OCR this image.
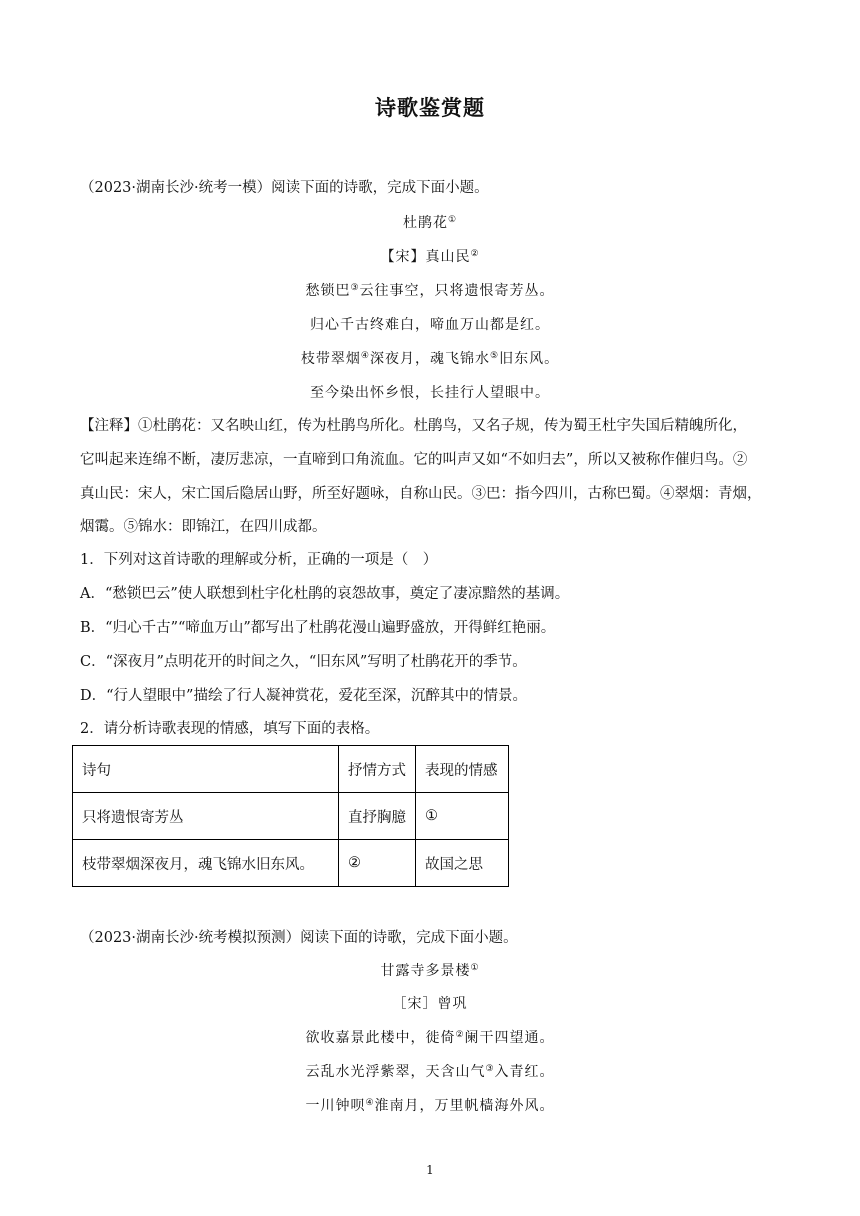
诗歌鉴赏题
（2023·湖南长沙·统考一模）阅读下面的诗歌，完成下面小题。
杜鹃花①
【宋】真山民②
愁锁巴③云往事空，只将遗恨寄芳丛。
归心千古终难白，啼血万山都是红。
枝带翠烟④深夜月，魂飞锦水⑤旧东风。
至今染出怀乡恨，长挂行人望眼中。
【注释】①杜鹃花：又名映山红，传为杜鹃鸟所化。杜鹃鸟，又名子规，传为蜀王杜宇失国后精魄所化，
它叫起来连绵不断，凄厉悲凉，一直啼到口角流血。它的叫声又如“不如归去”，所以又被称作催归鸟。②
真山民：宋人，宋亡国后隐居山野，所至好题咏，自称山民。③巴：指今四川，古称巴蜀。④翠烟：青烟，
烟霭。⑤锦水：即锦江，在四川成都。
1．下列对这首诗歌的理解或分析，正确的一项是（　）
A．“愁锁巴云”使人联想到杜宇化杜鹃的哀怨故事，奠定了凄凉黯然的基调。
B．“归心千古”“啼血万山”都写出了杜鹃花漫山遍野盛放，开得鲜红艳丽。
C．“深夜月”点明花开的时间之久，“旧东风”写明了杜鹃花开的季节。
D．“行人望眼中”描绘了行人凝神赏花，爱花至深，沉醉其中的情景。
2．请分析诗歌表现的情感，填写下面的表格。
诗句	抒情方式	表现的情感
只将遗恨寄芳丛	直抒胸臆	①
枝带翠烟深夜月，魂飞锦水旧东风。	②	故国之思
（2023·湖南长沙·统考模拟预测）阅读下面的诗歌，完成下面小题。
甘露寺多景楼①
［宋］曾巩
欲收嘉景此楼中，徙倚②阑干四望通。
云乱水光浮紫翠，天含山气③入青红。
一川钟呗④淮南月，万里帆樯海外风。
1
